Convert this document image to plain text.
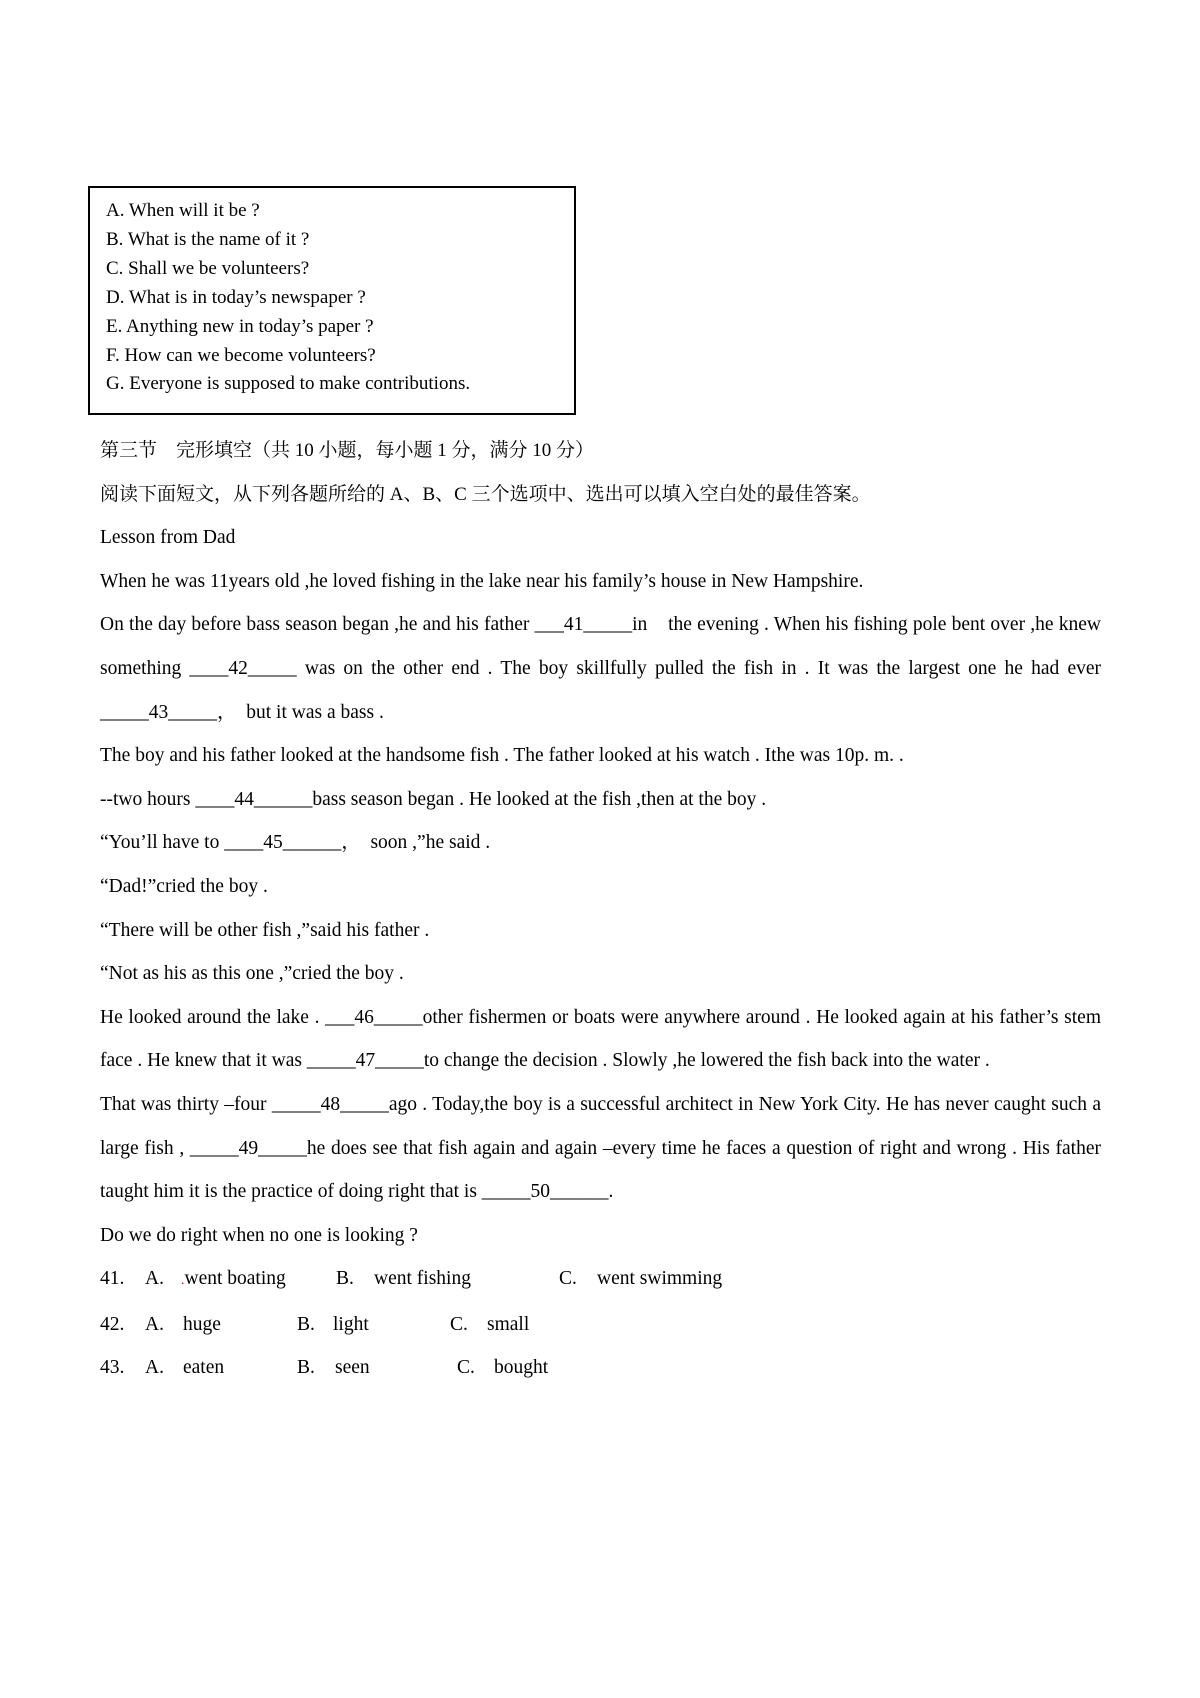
A. When will it be ?

B. What is the name of it ?

C. Shall we be volunteers?

D. What is in today’s newspaper ?

E. Anything new in today’s paper ?

F. How can we become volunteers?

G. Everyone is supposed to make contributions.

第三节　完形填空（共 10 小题，每小题 1 分，满分 10 分）

阅读下面短文，从下列各题所给的 A、B、C 三个选项中、选出可以填入空白处的最佳答案。

Lesson from Dad

When he was 11years old ,he loved fishing in the lake near his family’s house in New Hampshire.

On the day before bass season began ,he and his father ___41_____in    the evening . When his fishing pole bent over ,he knew something ____42_____ was on the other end . The boy skillfully pulled the fish in . It was the largest one he had ever _____43_____，  but it was a bass .

The boy and his father looked at the handsome fish . The father looked at his watch . Ithe was 10p. m. .

--two hours ____44______bass season began . He looked at the fish ,then at the boy .

“You’ll have to ____45______，  soon ,”he said .

“Dad!”cried the boy .

“There will be other fish ,”said his father .

“Not as his as this one ,”cried the boy .

He looked around the lake . ___46_____other fishermen or boats were anywhere around . He looked again at his father’s stem face . He knew that it was _____47_____to change the decision . Slowly ,he lowered the fish back into the water .

That was thirty –four _____48_____ago . Today,the boy is a successful architect in New York City. He has never caught such a large fish , _____49_____he does see that fish again and again –every time he faces a question of right and wrong . His father taught him it is the practice of doing right that is _____50______.

Do we do right when no one is looking ?

41.	A.	.went boating	B.	went fishing	C.	went swimming
42.	A. huge	B. light	C. small
43.	A. eaten	B.	seen	C. bought
